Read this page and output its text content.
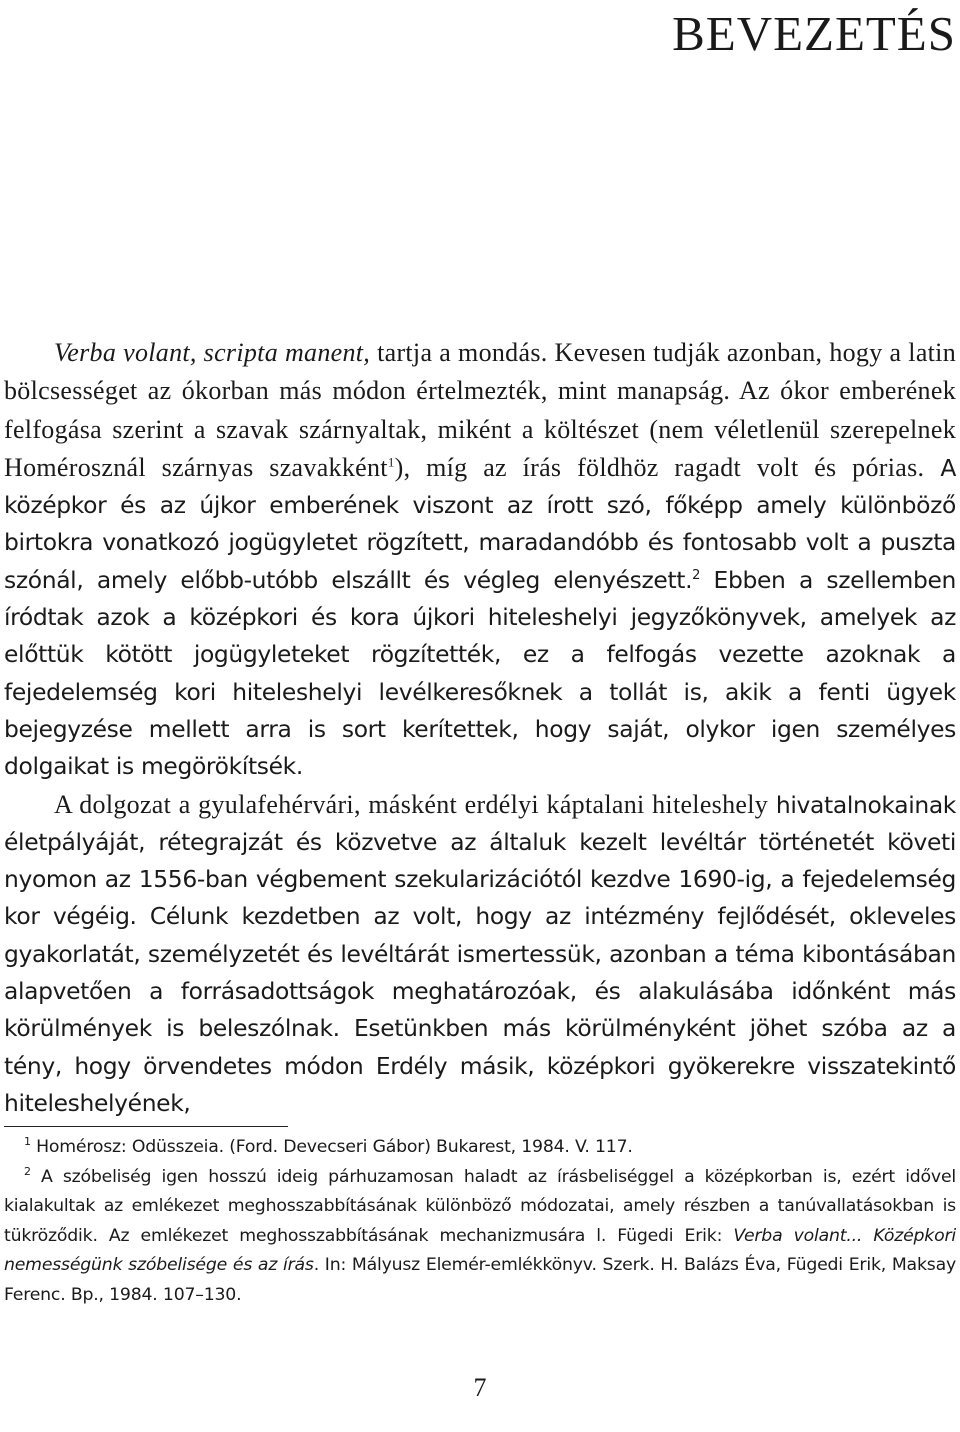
BEVEZETÉS

Verba volant, scripta manent, tartja a mondás. Kevesen tudják azonban, hogy a latin bölcsességet az ókorban más módon értelmezték, mint manapság. Az ókor emberének felfogása szerint a szavak szárnyaltak, miként a költészet (nem véletlenül szerepelnek Homérosznál szárnyas szavakként$^1$), míg az írás földhöz ragadt volt és pórias. A középkor és az újkor emberének viszont az írott szó, főképp amely különböző birtokra vonatkozó jogügyletet rögzített, maradandóbb és fontosabb volt a puszta szónál, amely előbb-utóbb elszállt és végleg elenyészett.$^2$ Ebben a szellemben íródtak azok a középkori és kora újkori hiteleshelyi jegyzőkönyvek, amelyek az előttük kötött jogügyleteket rögzítették, ez a felfogás vezette azoknak a fejedelemség kori hiteleshelyi levélkeresőknek a tollát is, akik a fenti ügyek bejegyzése mellett arra is sort kerítettek, hogy saját, olykor igen személyes dolgaikat is megörökítsék.

A dolgozat a gyulafehérvári, másként erdélyi káptalani hiteleshely hivatalnokainak életpályáját, rétegrajzát és közvetve az általuk kezelt levéltár történetét követi nyomon az 1556-ban végbement szekularizációtól kezdve 1690-ig, a fejedelemség kor végéig. Célunk kezdetben az volt, hogy az intézmény fejlődését, okleveles gyakorlatát, személyzetét és levéltárát ismertessük, azonban a téma kibontásában alapvetően a forrásadottságok meghatározóak, és alakulásába időnként más körülmények is beleszólnak. Esetünkben más körülményként jöhet szóba az a tény, hogy örvendetes módon Erdély másik, középkori gyökerekre visszatekintő hiteleshelyének,

$^1$ Homérosz: Odüsszeia. (Ford. Devecseri Gábor) Bukarest, 1984. V. 117.

$^2$ A szóbeliség igen hosszú ideig párhuzamosan haladt az írásbeliséggel a középkorban is, ezért idővel kialakultak az emlékezet meghosszabbításának különböző módozatai, amely részben a tanúvallatásokban is tükröződik. Az emlékezet meghosszabbításának mechanizmusára l. Fügedi Erik: Verba volant... Középkori nemességünk szóbelisége és az írás. In: Mályusz Elemér-emlékkönyv. Szerk. H. Balázs Éva, Fügedi Erik, Maksay Ferenc. Bp., 1984. 107–130.

7
